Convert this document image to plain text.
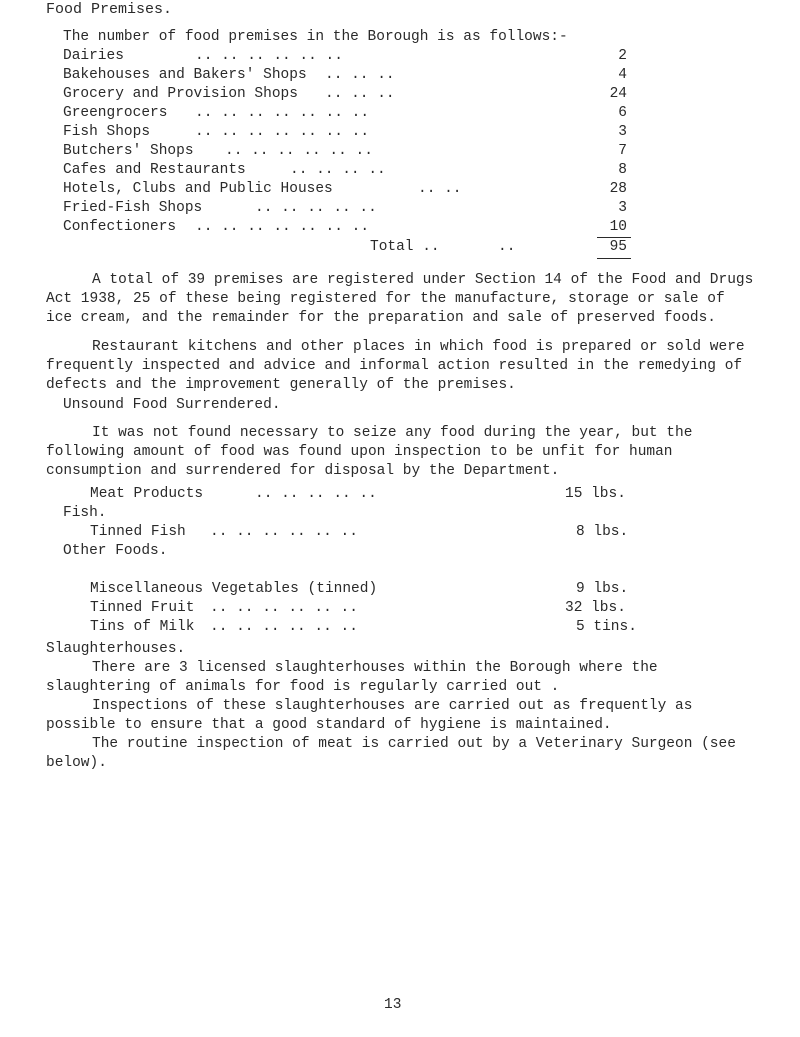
Food Premises.
The number of food premises in the Borough is as follows:-
Dairies	.. .. .. .. .. ..	2
Bakehouses and Bakers' Shops .. .. ..	4
Grocery and Provision Shops .. .. ..	24
Greengrocers .. .. .. .. .. .. ..	6
Fish Shops	.. .. .. .. .. .. ..	3
Butchers' Shops .. .. .. .. .. ..	7
Cafes and Restaurants	.. .. .. ..	8
Hotels, Clubs and Public Houses	.. ..	28
Fried-Fish Shops	.. .. .. .. ..	3
Confectioners .. .. .. .. .. .. ..	10
Total ..	..	95

A total of 39 premises are registered under Section 14 of the Food and Drugs Act 1938, 25 of these being registered for the manufacture, storage or sale of ice cream, and the remainder for the preparation and sale of preserved foods.

Restaurant kitchens and other places in which food is prepared or sold were frequently inspected and advice and informal action resulted in the remedying of defects and the improvement generally of the premises.

Unsound Food Surrendered.

It was not found necessary to seize any food during the year, but the following amount of food was found upon inspection to be unfit for human consumption and surrendered for disposal by the Department.

Meat Products	.. .. .. .. ..	15 lbs.
Fish.
Tinned Fish .. .. .. .. .. ..	8 lbs.
Other Foods.
Miscellaneous Vegetables (tinned)	9 lbs.
Tinned Fruit .. .. .. .. .. ..	32 lbs.
Tins of Milk .. .. .. .. .. ..	5 tins.
Slaughterhouses.

There are 3 licensed slaughterhouses within the Borough where the slaughtering of animals for food is regularly carried out .

Inspections of these slaughterhouses are carried out as frequently as possible to ensure that a good standard of hygiene is maintained.

The routine inspection of meat is carried out by a Veterinary Surgeon (see below).

13
